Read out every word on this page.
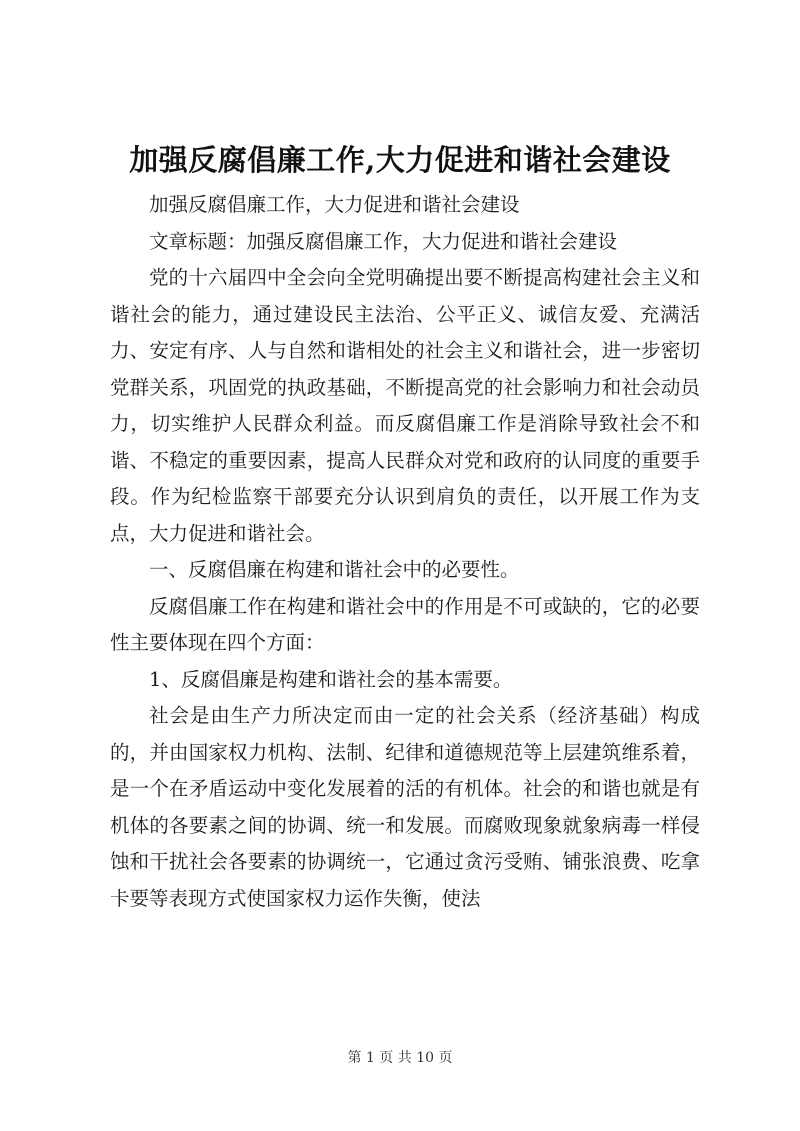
加强反腐倡廉工作,大力促进和谐社会建设

加强反腐倡廉工作，大力促进和谐社会建设

文章标题：加强反腐倡廉工作，大力促进和谐社会建设

党的十六届四中全会向全党明确提出要不断提高构建社会主义和谐社会的能力，通过建设民主法治、公平正义、诚信友爱、充满活力、安定有序、人与自然和谐相处的社会主义和谐社会，进一步密切党群关系，巩固党的执政基础，不断提高党的社会影响力和社会动员力，切实维护人民群众利益。而反腐倡廉工作是消除导致社会不和谐、不稳定的重要因素，提高人民群众对党和政府的认同度的重要手段。作为纪检监察干部要充分认识到肩负的责任，以开展工作为支点，大力促进和谐社会。

一、反腐倡廉在构建和谐社会中的必要性。

反腐倡廉工作在构建和谐社会中的作用是不可或缺的，它的必要性主要体现在四个方面：

1、反腐倡廉是构建和谐社会的基本需要。

社会是由生产力所决定而由一定的社会关系（经济基础）构成的，并由国家权力机构、法制、纪律和道德规范等上层建筑维系着，是一个在矛盾运动中变化发展着的活的有机体。社会的和谐也就是有机体的各要素之间的协调、统一和发展。而腐败现象就象病毒一样侵蚀和干扰社会各要素的协调统一，它通过贪污受贿、铺张浪费、吃拿卡要等表现方式使国家权力运作失衡，使法

第 1 页 共 10 页
